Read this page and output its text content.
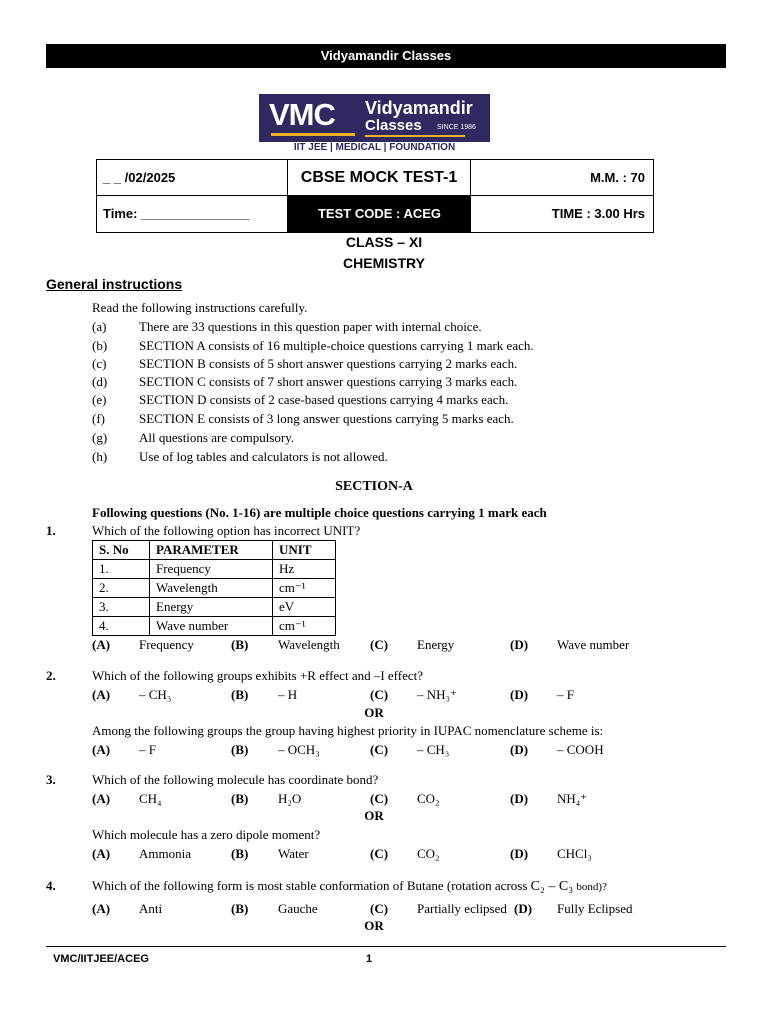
Vidyamandir Classes
VMC Vidyamandir
Classes SINCE 1986
IIT JEE | MEDICAL | FOUNDATION
_ _ /02/2025	CBSE MOCK TEST-1	M.M. : 70
Time: _______________	TEST CODE : ACEG	TIME : 3.00 Hrs
CLASS – XI
CHEMISTRY
General instructions
Read the following instructions carefully.
(a)	There are 33 questions in this question paper with internal choice.
(b) SECTION A consists of 16 multiple-choice questions carrying 1 mark each.
(c)	SECTION B consists of 5 short answer questions carrying 2 marks each.
(d) SECTION C consists of 7 short answer questions carrying 3 marks each.
(e)	SECTION D consists of 2 case-based questions carrying 4 marks each.
(f)	SECTION E consists of 3 long answer questions carrying 5 marks each.
(g) All questions are compulsory.
(h) Use of log tables and calculators is not allowed.
SECTION-A
Following questions (No. 1-16) are multiple choice questions carrying 1 mark each
1.	Which of the following option has incorrect UNIT?
S. No	PARAMETER	UNIT
1.	Frequency	Hz
2.	Wavelength	cm⁻¹
3.	Energy	eV
4.	Wave number	cm⁻¹
(A) Frequency	(B) Wavelength (C) Energy	(D) Wave number
2.	Which of the following groups exhibits +R effect and –I effect?
(A) – CH₃	(B) – H	(C) – NH₃⁺	(D) – F
OR
Among the following groups the group having highest priority in IUPAC nomenclature scheme is:
(A) – F	(B) – OCH₃	(C) – CH₃	(D) – COOH
3.	Which of the following molecule has coordinate bond?
(A) CH₄	(B) H₂O	(C) CO₂	(D) NH₄⁺
OR
Which molecule has a zero dipole moment?
(A) Ammonia	(B) Water	(C) CO₂	(D) CHCl₃
4.	Which of the following form is most stable conformation of Butane (rotation across C₂ – C₃ bond)?
(A) Anti	(B) Gauche	(C) Partially eclipsed (D) Fully Eclipsed
OR
VMC/IITJEE/ACEG	1
